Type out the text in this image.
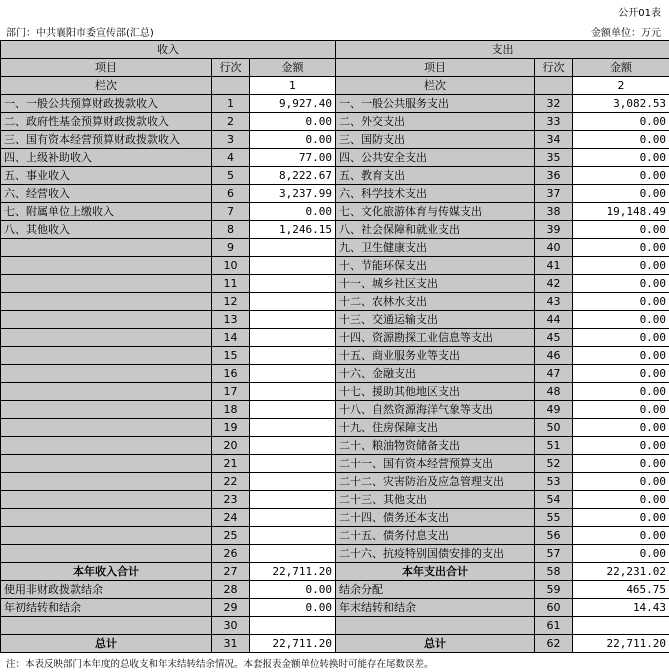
公开01表
部门：中共襄阳市委宣传部(汇总)	金额单位：万元
收入			支出		
项目	行次	金额	项目	行次	金额
栏次		1	栏次		2
一、一般公共预算财政拨款收入	1	9,927.40	一、一般公共服务支出	32	3,082.53
二、政府性基金预算财政拨款收入	2	0.00	二、外交支出	33	0.00
三、国有资本经营预算财政拨款收入	3	0.00	三、国防支出	34	0.00
四、上级补助收入	4	77.00	四、公共安全支出	35	0.00
五、事业收入	5	8,222.67	五、教育支出	36	0.00
六、经营收入	6	3,237.99	六、科学技术支出	37	0.00
七、附属单位上缴收入	7	0.00	七、文化旅游体育与传媒支出	38	19,148.49
八、其他收入	8	1,246.15	八、社会保障和就业支出	39	0.00
	9		九、卫生健康支出	40	0.00
	10		十、节能环保支出	41	0.00
	11		十一、城乡社区支出	42	0.00
	12		十二、农林水支出	43	0.00
	13		十三、交通运输支出	44	0.00
	14		十四、资源勘探工业信息等支出	45	0.00
	15		十五、商业服务业等支出	46	0.00
	16		十六、金融支出	47	0.00
	17		十七、援助其他地区支出	48	0.00
	18		十八、自然资源海洋气象等支出	49	0.00
	19		十九、住房保障支出	50	0.00
	20		二十、粮油物资储备支出	51	0.00
	21		二十一、国有资本经营预算支出	52	0.00
	22		二十二、灾害防治及应急管理支出	53	0.00
	23		二十三、其他支出	54	0.00
	24		二十四、债务还本支出	55	0.00
	25		二十五、债务付息支出	56	0.00
	26		二十六、抗疫特别国债安排的支出	57	0.00
本年收入合计	27	22,711.20	本年支出合计	58	22,231.02
使用非财政拨款结余	28	0.00	结余分配	59	465.75
年初结转和结余	29	0.00	年末结转和结余	60	14.43
	30			61	
总计	31	22,711.20	总计	62	22,711.20
注：本表反映部门本年度的总收支和年末结转结余情况。本套报表金额单位转换时可能存在尾数误差。
